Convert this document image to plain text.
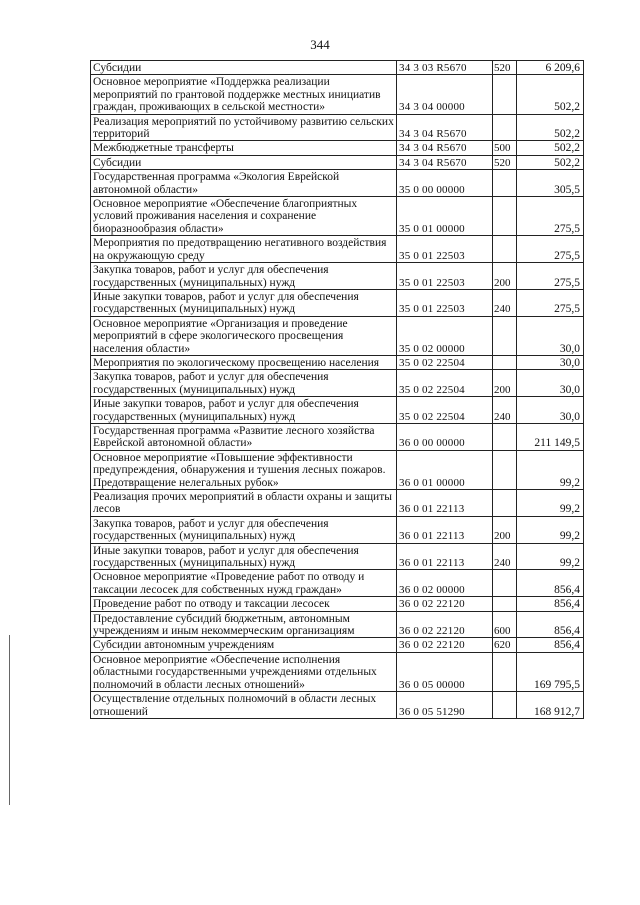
344
Субсидии	34 3 03 R5670	520	6 209,6
Основное мероприятие «Поддержка реализации мероприятий по грантовой поддержке местных инициатив граждан, проживающих в сельской местности»	34 3 04 00000		502,2
Реализация мероприятий по устойчивому развитию сельских территорий	34 3 04 R5670		502,2
Межбюджетные трансферты	34 3 04 R5670	500	502,2
Субсидии	34 3 04 R5670	520	502,2
Государственная программа «Экология Еврейской автономной области»	35 0 00 00000		305,5
Основное мероприятие «Обеспечение благоприятных условий проживания населения и сохранение биоразнообразия области»	35 0 01 00000		275,5
Мероприятия по предотвращению негативного воздействия на окружающую среду	35 0 01 22503		275,5
Закупка товаров, работ и услуг для обеспечения государственных (муниципальных) нужд	35 0 01 22503	200	275,5
Иные закупки товаров, работ и услуг для обеспечения государственных (муниципальных) нужд	35 0 01 22503	240	275,5
Основное мероприятие «Организация и проведение мероприятий в сфере экологического просвещения населения области»	35 0 02 00000		30,0
Мероприятия по экологическому просвещению населения	35 0 02 22504		30,0
Закупка товаров, работ и услуг для обеспечения государственных (муниципальных) нужд	35 0 02 22504	200	30,0
Иные закупки товаров, работ и услуг для обеспечения государственных (муниципальных) нужд	35 0 02 22504	240	30,0
Государственная программа «Развитие лесного хозяйства Еврейской автономной области»	36 0 00 00000		211 149,5
Основное мероприятие «Повышение эффективности предупреждения, обнаружения и тушения лесных пожаров. Предотвращение нелегальных рубок»	36 0 01 00000		99,2
Реализация прочих мероприятий в области охраны и защиты лесов	36 0 01 22113		99,2
Закупка товаров, работ и услуг для обеспечения государственных (муниципальных) нужд	36 0 01 22113	200	99,2
Иные закупки товаров, работ и услуг для обеспечения государственных (муниципальных) нужд	36 0 01 22113	240	99,2
Основное мероприятие «Проведение работ по отводу и таксации лесосек для собственных нужд граждан»	36 0 02 00000		856,4
Проведение работ по отводу и таксации лесосек	36 0 02 22120		856,4
Предоставление субсидий бюджетным, автономным учреждениям и иным некоммерческим организациям	36 0 02 22120	600	856,4
Субсидии автономным учреждениям	36 0 02 22120	620	856,4
Основное мероприятие «Обеспечение исполнения областными государственными учреждениями отдельных полномочий в области лесных отношений»	36 0 05 00000		169 795,5
Осуществление отдельных полномочий в области лесных отношений	36 0 05 51290		168 912,7
